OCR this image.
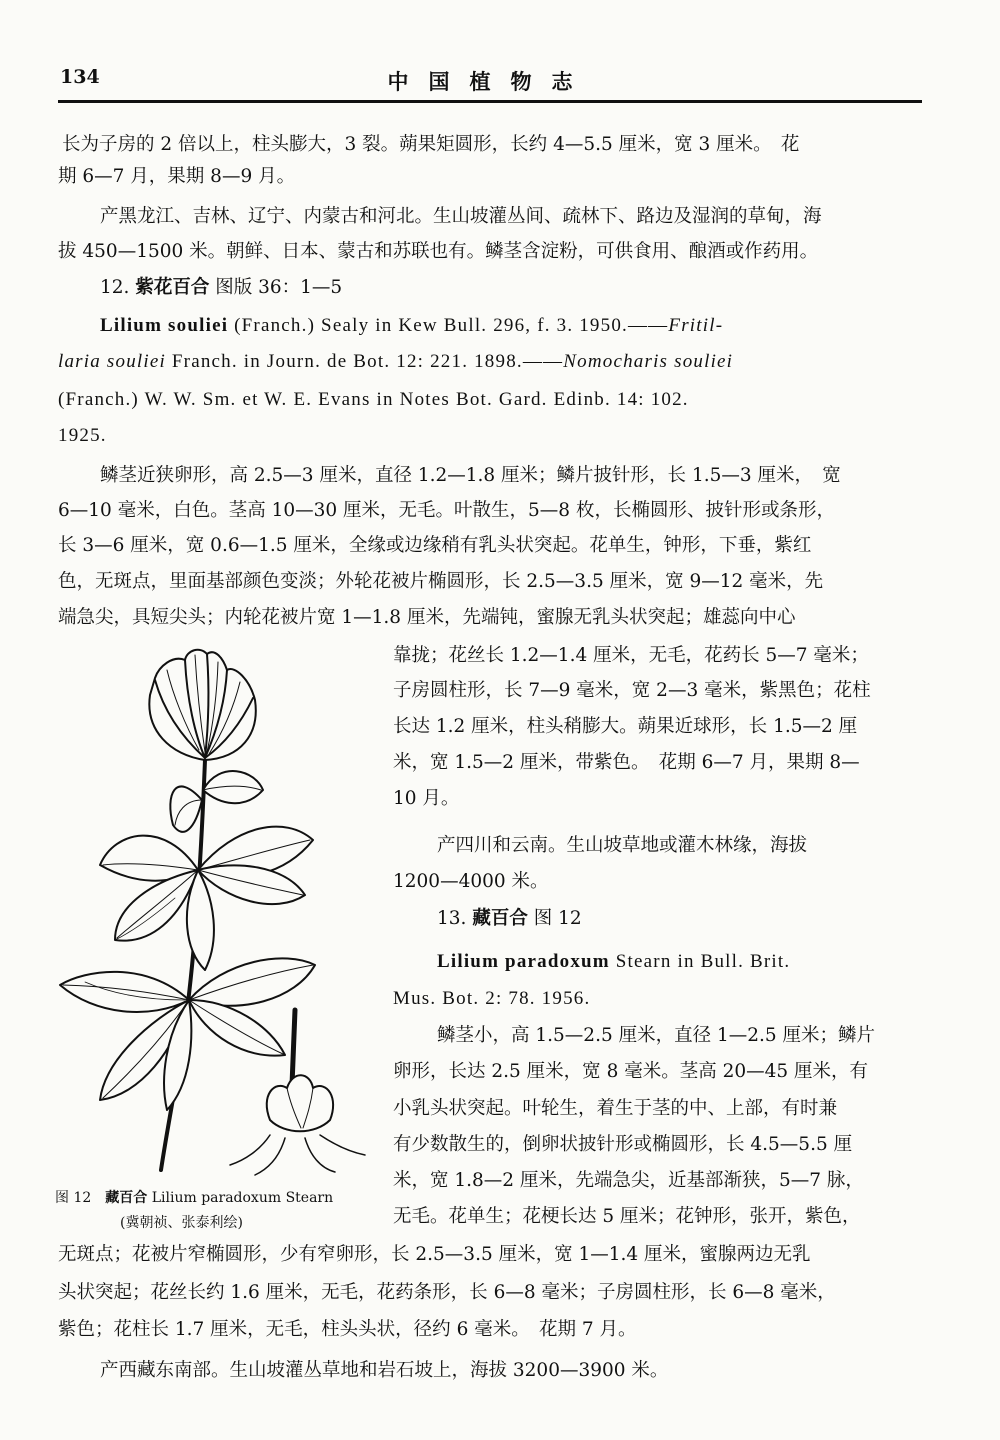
134	中国植物志
长为子房的 2 倍以上，柱头膨大，3 裂。蒴果矩圆形，长约 4—5.5 厘米，宽 3 厘米。　花
期 6—7 月，果期 8—9 月。
产黑龙江、吉林、辽宁、内蒙古和河北。生山坡灌丛间、疏林下、路边及湿润的草甸，海
拔 450—1500 米。朝鲜、日本、蒙古和苏联也有。鳞茎含淀粉，可供食用、酿酒或作药用。
12. 紫花百合 图版 36：1—5
Lilium souliei (Franch.) Sealy in Kew Bull. 296, f. 3. 1950.——Fritil-
laria souliei Franch. in Journ. de Bot. 12: 221. 1898.——Nomocharis souliei
(Franch.) W. W. Sm. et W. E. Evans in Notes Bot. Gard. Edinb. 14: 102.
1925.
鳞茎近狭卵形，高 2.5—3 厘米，直径 1.2—1.8 厘米；鳞片披针形，长 1.5—3 厘米，　宽
6—10 毫米，白色。茎高 10—30 厘米，无毛。叶散生，5—8 枚，长椭圆形、披针形或条形，
长 3—6 厘米，宽 0.6—1.5 厘米，全缘或边缘稍有乳头状突起。花单生，钟形，下垂，紫红
色，无斑点，里面基部颜色变淡；外轮花被片椭圆形，长 2.5—3.5 厘米，宽 9—12 毫米，先
端急尖，具短尖头；内轮花被片宽 1—1.8 厘米，先端钝，蜜腺无乳头状突起；雄蕊向中心
靠拢；花丝长 1.2—1.4 厘米，无毛，花药长 5—7 毫米；
子房圆柱形，长 7—9 毫米，宽 2—3 毫米，紫黑色；花柱
长达 1.2 厘米，柱头稍膨大。蒴果近球形，长 1.5—2 厘
米，宽 1.5—2 厘米，带紫色。　花期 6—7 月，果期 8—
10 月。
产四川和云南。生山坡草地或灌木林缘，海拔
1200—4000 米。
13. 藏百合 图 12
Lilium paradoxum Stearn in Bull. Brit.
Mus. Bot. 2: 78. 1956.
鳞茎小，高 1.5—2.5 厘米，直径 1—2.5 厘米；鳞片
卵形，长达 2.5 厘米，宽 8 毫米。茎高 20—45 厘米，有
小乳头状突起。叶轮生，着生于茎的中、上部，有时兼
有少数散生的，倒卵状披针形或椭圆形，长 4.5—5.5 厘
米，宽 1.8—2 厘米，先端急尖，近基部渐狭，5—7 脉，
无毛。花单生；花梗长达 5 厘米；花钟形，张开，紫色，
无斑点；花被片窄椭圆形，少有窄卵形，长 2.5—3.5 厘米，宽 1—1.4 厘米，蜜腺两边无乳
头状突起；花丝长约 1.6 厘米，无毛，花药条形，长 6—8 毫米；子房圆柱形，长 6—8 毫米，
紫色；花柱长 1.7 厘米，无毛，柱头头状，径约 6 毫米。　花期 7 月。
产西藏东南部。生山坡灌丛草地和岩石坡上，海拔 3200—3900 米。
图 12　藏百合 Lilium paradoxum Stearn
(冀朝祯、张泰利绘)
